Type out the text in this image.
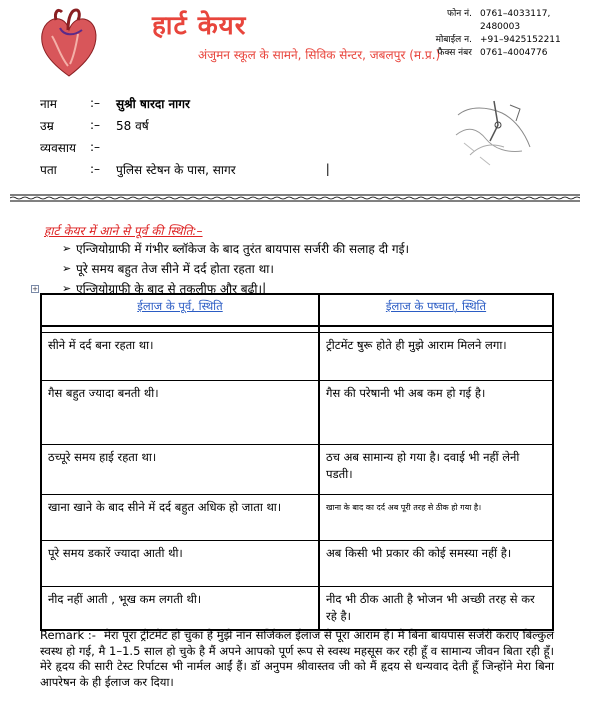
हार्ट केयर
अंजुमन स्कूल के सामने, सिविक सेन्टर, जबलपुर (म.प्र.)
फोन नं. 0761–4033117, 2480003
मोबाईल न. +91–9425152211
फैक्स नंबर 0761–4004776
नाम	:–	सुश्री षारदा नागर
उम्र	:–	58 वर्ष
व्यवसाय	:–
पता	:–	पुलिस स्टेषन के पास, सागर	|
हार्ट केयर में आने से पूर्व की स्थिति:–
➢ एन्जियोग्राफी में गंभीर ब्लॉकेज के बाद तुरंत बायपास सर्जरी की सलाह दी गई।
➢ पूरे समय बहुत तेज सीने में दर्द होता रहता था।
➢ एन्जियोग्राफी के बाद से तकलीफ और बढी। |
+
ईलाज के पूर्व, स्थिति	ईलाज के पष्चात्, स्थिति

सीने में दर्द बना रहता था।	ट्रीटमेंट षुरू होते ही मुझे आराम मिलने लगा।
गैस बहुत ज्यादा बनती थी।	गैस की परेषानी भी अब कम हो गई है।
ठच्पूरे समय हाई रहता था।	ठच अब सामान्य हो गया है। दवाई भी नहीं लेनी पडती।
खाना खाने के बाद सीने में दर्द बहुत अधिक हो जाता था।	खाना के बाद का दर्द अब पूरी तरह से ठीक हो गया है।
पूरे समय डकारें ज्यादा आती थी।	अब किसी भी प्रकार की कोई समस्या नहीं है।
नीद नहीं आती , भूख कम लगती थी।	नीद भी ठीक आती है भोजन भी अच्छी तरह से कर रहे है।
Remark :- मेरा पूरा ट्रीटमेंट हो चुका है मुझे नॉन सर्जिकल ईलाज से पूरा आराम है। मैं बिना बायपास सर्जरी कराए बिल्कुल स्वस्थ हो गई, मै 1–1.5 साल हो चुके है मैं अपने आपको पूर्ण रूप से स्वस्थ महसूस कर रही हूँ व सामान्य जीवन बिता रही हूँ। मेरे हृदय की सारी टेस्ट रिर्पाटस भी नार्मल आईं हैं। डॉ अनुपम श्रीवास्तव जी को मैं हृदय से धन्यवाद देती हूँ जिन्होंने मेरा बिना आपरेषन के ही ईलाज कर दिया।
